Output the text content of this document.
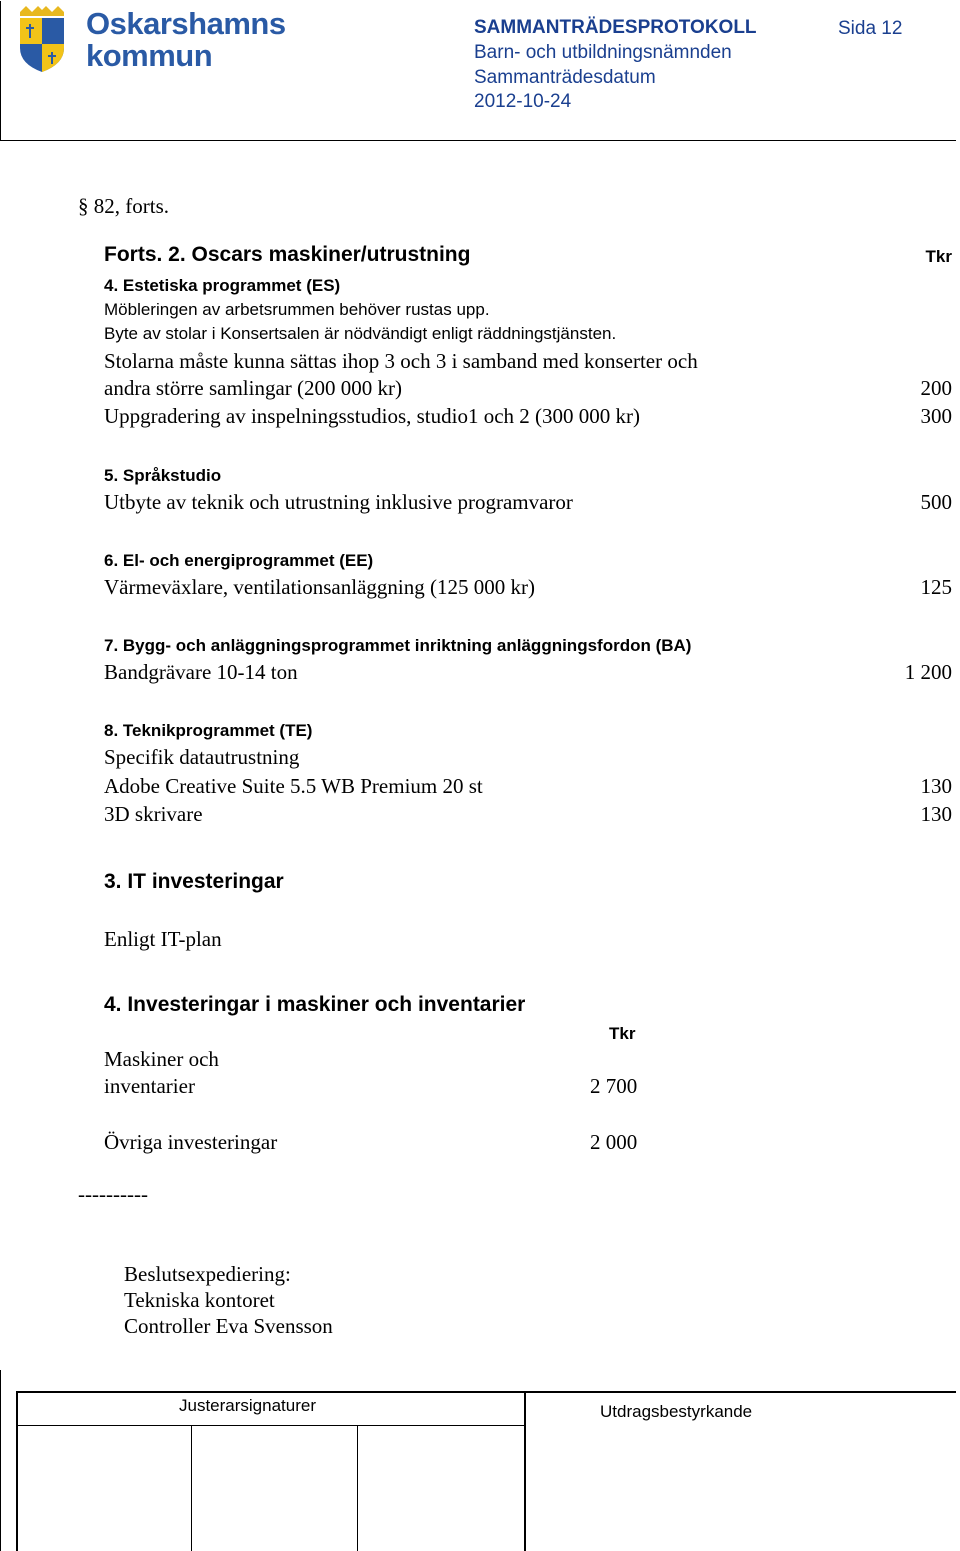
Oskarshamns
kommun
SAMMANTRÄDESPROTOKOLL	Sida 12
Barn- och utbildningsnämnden
Sammanträdesdatum
2012-10-24
§ 82, forts.
Forts. 2. Oscars maskiner/utrustning	Tkr
4. Estetiska programmet (ES)
Möbleringen av arbetsrummen behöver rustas upp.
Byte av stolar i Konsertsalen är nödvändigt enligt räddningstjänsten.
Stolarna måste kunna sättas ihop 3 och 3 i samband med konserter och
andra större samlingar (200 000 kr)	200
Uppgradering av inspelningsstudios, studio1 och 2 (300 000 kr)	300
5. Språkstudio
Utbyte av teknik och utrustning inklusive programvaror	500
6. El- och energiprogrammet (EE)
Värmeväxlare, ventilationsanläggning (125 000 kr)	125
7. Bygg- och anläggningsprogrammet inriktning anläggningsfordon (BA)
Bandgrävare 10-14 ton	1 200
8. Teknikprogrammet (TE)
Specifik datautrustning
Adobe Creative Suite 5.5 WB Premium 20 st	130
3D skrivare	130
3. IT investeringar
Enligt IT-plan
4. Investeringar i maskiner och inventarier
Tkr
Maskiner och
inventarier	2 700
Övriga investeringar	2 000
----------
Beslutsexpediering:
Tekniska kontoret
Controller Eva Svensson
Justerarsignaturer	Utdragsbestyrkande
